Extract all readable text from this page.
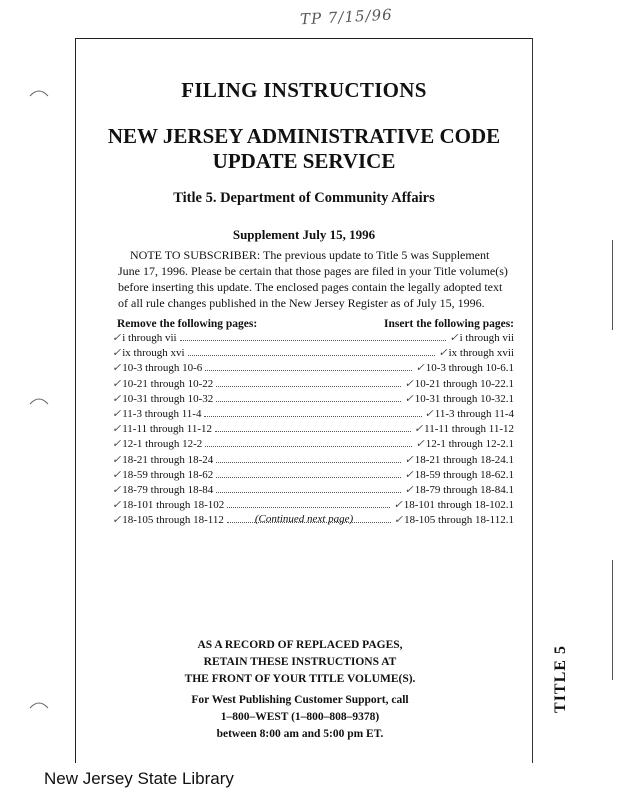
TP 7/15/96
FILING INSTRUCTIONS
NEW JERSEY ADMINISTRATIVE CODE
UPDATE SERVICE
Title 5. Department of Community Affairs
Supplement July 15, 1996
NOTE TO SUBSCRIBER: The previous update to Title 5 was Supplement June 17, 1996. Please be certain that those pages are filed in your Title volume(s) before inserting this update. The enclosed pages contain the legally adopted text of all rule changes published in the New Jersey Register as of July 15, 1996.
Remove the following pages:	Insert the following pages:
✓i through vii	✓i through vii
✓ix through xvi	✓ix through xvii
✓10-3 through 10-6	✓10-3 through 10-6.1
✓10-21 through 10-22	✓10-21 through 10-22.1
✓10-31 through 10-32	✓10-31 through 10-32.1
✓11-3 through 11-4	✓11-3 through 11-4
✓11-11 through 11-12	✓11-11 through 11-12
✓12-1 through 12-2	✓12-1 through 12-2.1
✓18-21 through 18-24	✓18-21 through 18-24.1
✓18-59 through 18-62	✓18-59 through 18-62.1
✓18-79 through 18-84	✓18-79 through 18-84.1
✓18-101 through 18-102	✓18-101 through 18-102.1
✓18-105 through 18-112	✓18-105 through 18-112.1
(Continued next page)
AS A RECORD OF REPLACED PAGES,
RETAIN THESE INSTRUCTIONS AT
THE FRONT OF YOUR TITLE VOLUME(S).
For West Publishing Customer Support, call
1–800–WEST (1–800–808–9378)
between 8:00 am and 5:00 pm ET.
TITLE 5
New Jersey State Library
